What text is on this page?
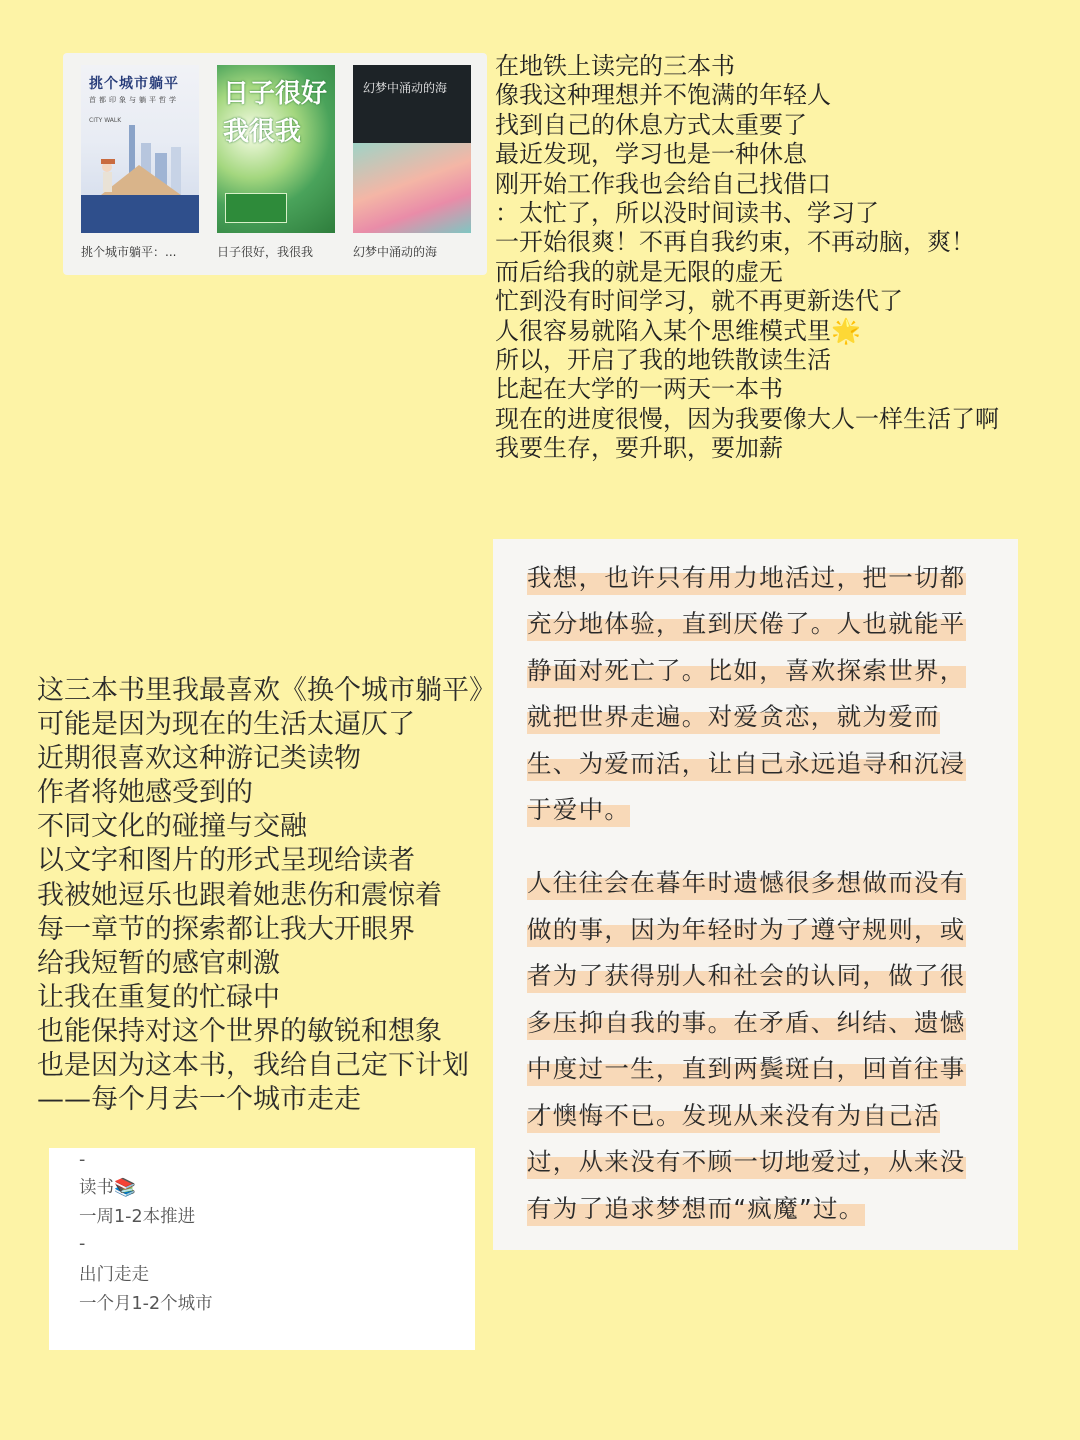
挑个城市躺平
首都印象与躺平哲学
CITY WALK
挑个城市躺平：...
日子很好 我很我
日子很好，我很我
幻梦中涌动的海
幻梦中涌动的海
在地铁上读完的三本书
像我这种理想并不饱满的年轻人
找到自己的休息方式太重要了
最近发现，学习也是一种休息
刚开始工作我也会给自己找借口
：太忙了，所以没时间读书、学习了
一开始很爽！不再自我约束，不再动脑，爽！
而后给我的就是无限的虚无
忙到没有时间学习，就不再更新迭代了
人很容易就陷入某个思维模式里🌟
所以，开启了我的地铁散读生活
比起在大学的一两天一本书
现在的进度很慢，因为我要像大人一样生活了啊
我要生存，要升职，要加薪
我想，也许只有用力地活过，把一切都
充分地体验，直到厌倦了。人也就能平
静面对死亡了。比如，喜欢探索世界，
就把世界走遍。对爱贪恋，就为爱而
生、为爱而活，让自己永远追寻和沉浸
于爱中。
人往往会在暮年时遗憾很多想做而没有
做的事，因为年轻时为了遵守规则，或
者为了获得别人和社会的认同，做了很
多压抑自我的事。在矛盾、纠结、遗憾
中度过一生，直到两鬓斑白，回首往事
才懊悔不已。发现从来没有为自己活
过，从来没有不顾一切地爱过，从来没
有为了追求梦想而“疯魔”过。
这三本书里我最喜欢《换个城市躺平》
可能是因为现在的生活太逼仄了
近期很喜欢这种游记类读物
作者将她感受到的
不同文化的碰撞与交融
以文字和图片的形式呈现给读者
我被她逗乐也跟着她悲伤和震惊着
每一章节的探索都让我大开眼界
给我短暂的感官刺激
让我在重复的忙碌中
也能保持对这个世界的敏锐和想象
也是因为这本书，我给自己定下计划
——每个月去一个城市走走
-
读书📚
一周1-2本推进
-
出门走走
一个月1-2个城市
